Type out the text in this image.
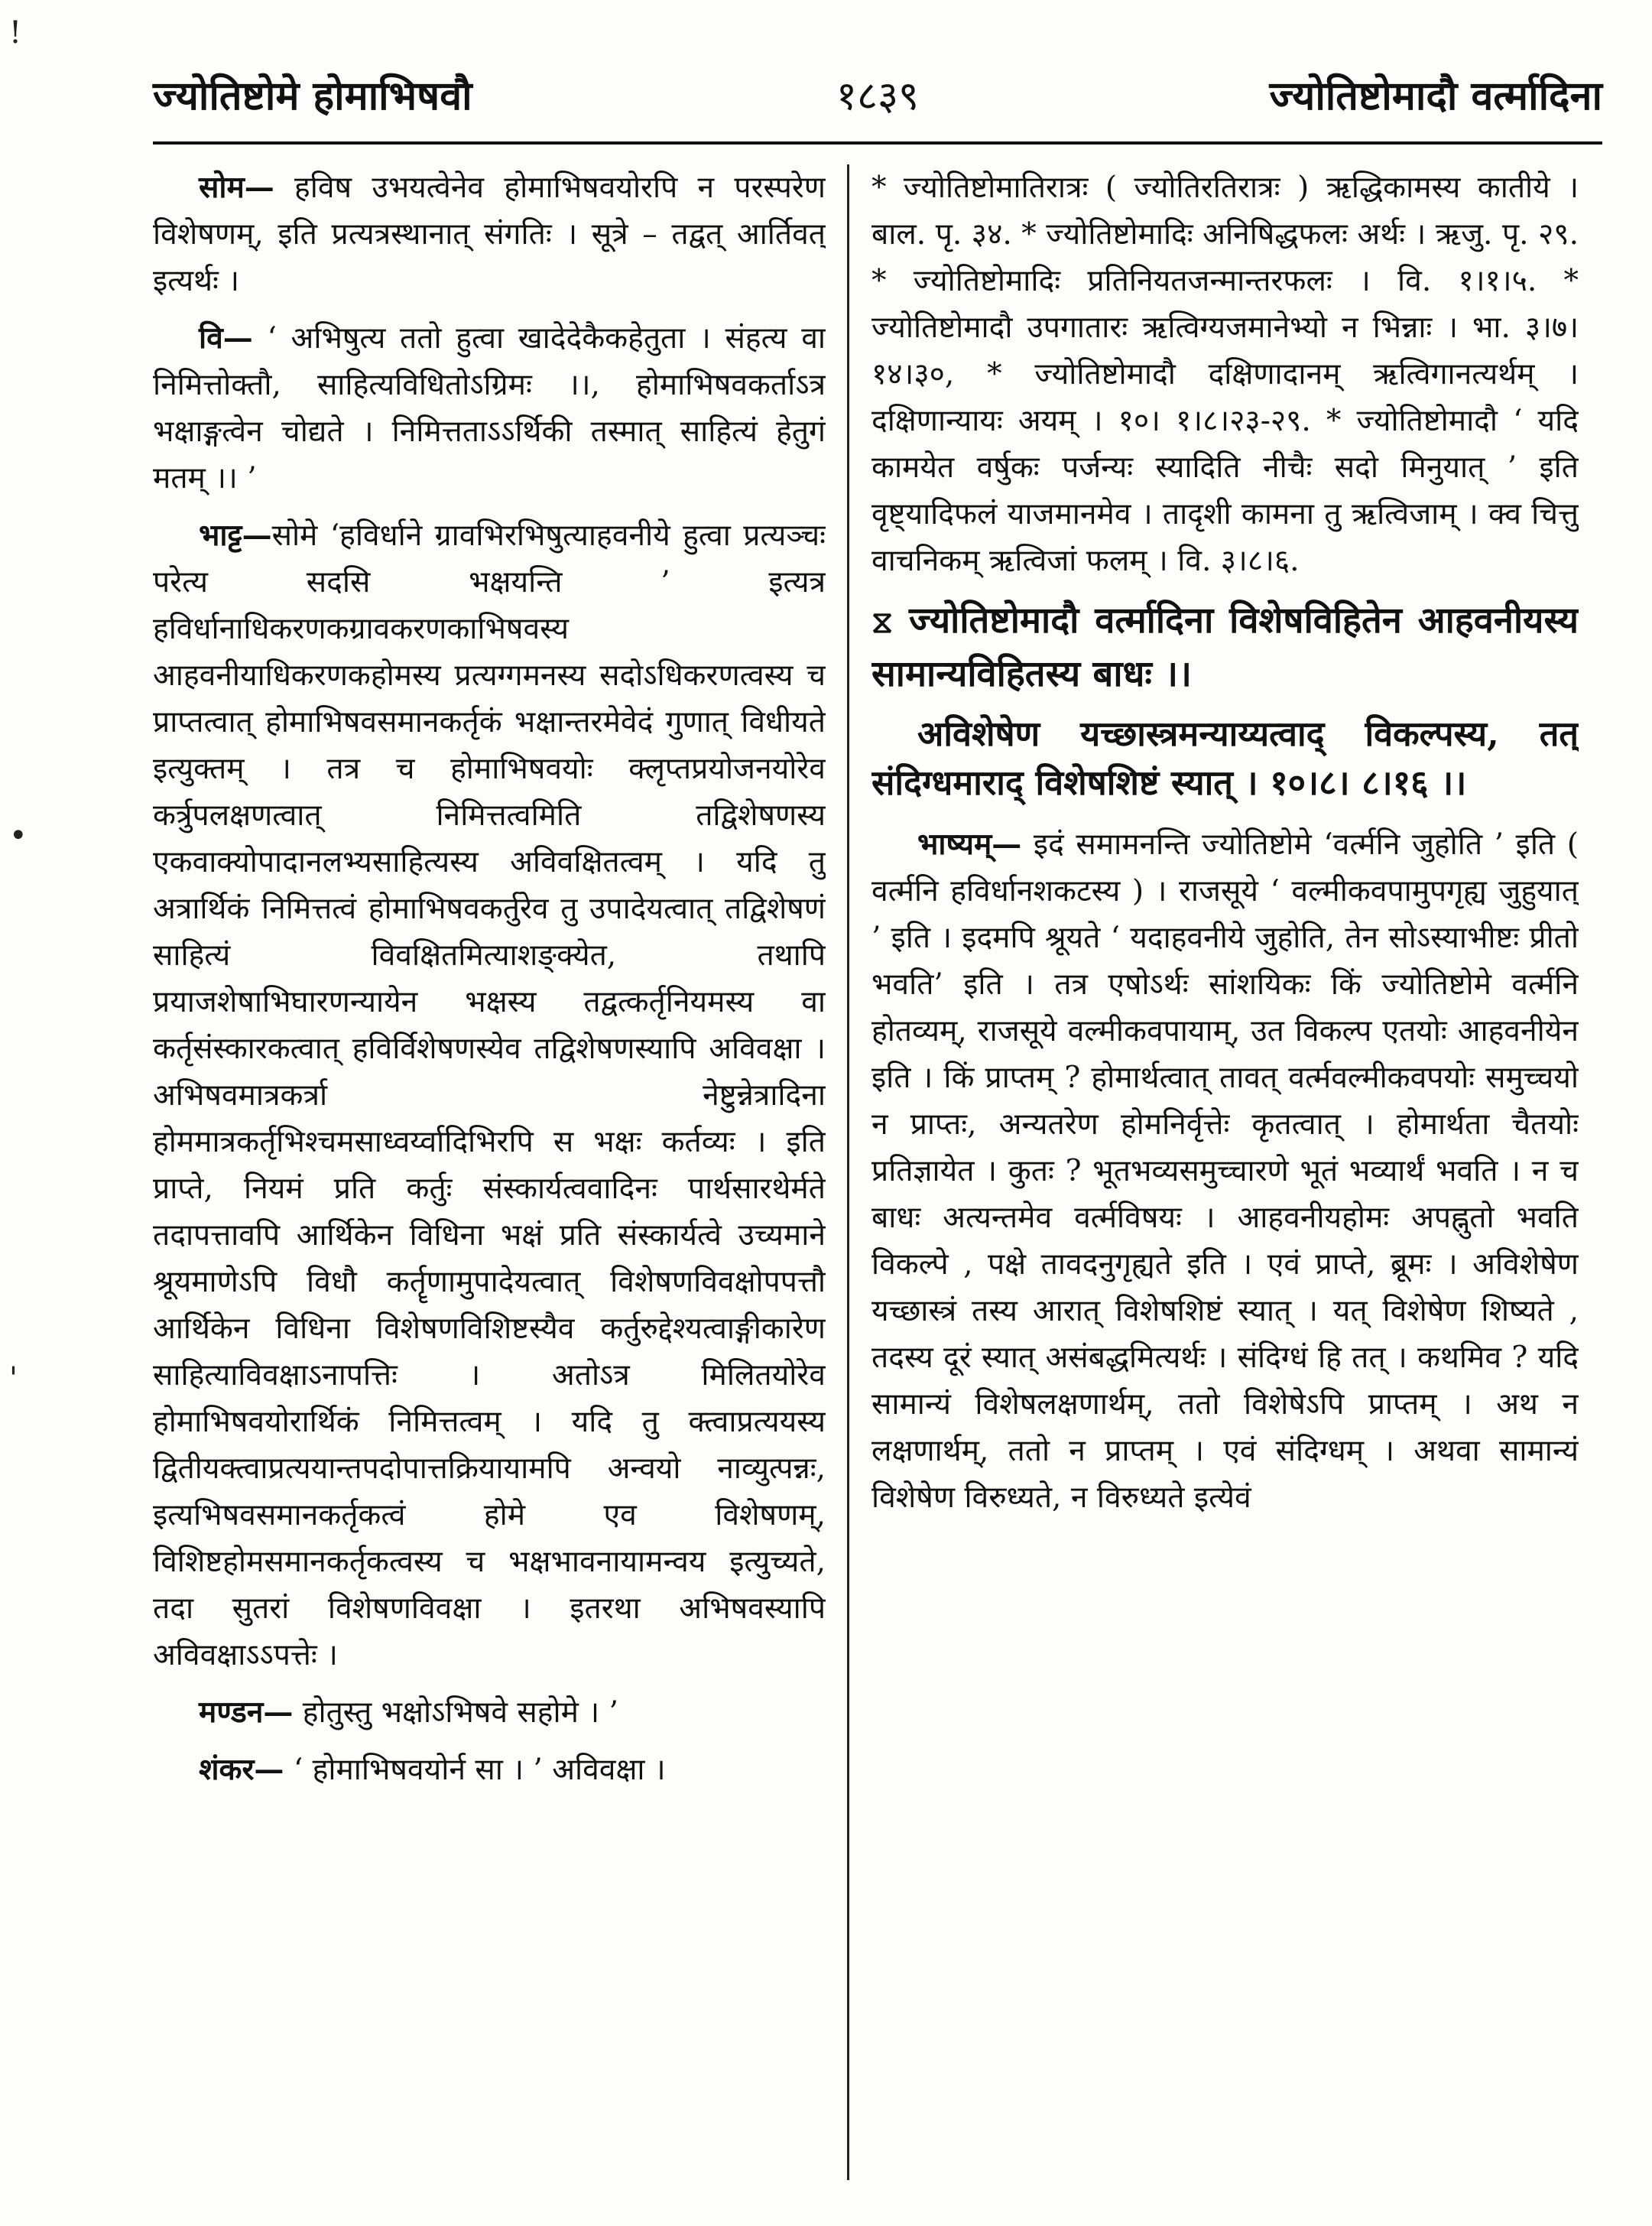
!
•
'
ज्योतिष्टोमे होमाभिषवौ	१८३९	ज्योतिष्टोमादौ वर्त्मादिना

सोम— हविष उभयत्वेनेव होमाभिषवयोरपि न परस्परेण विशेषणम्, इति प्रत्यत्रस्थानात् संगतिः । सूत्रे – तद्वत् आर्तिवत् इत्यर्थः ।

वि— ‘ अभिषुत्य ततो हुत्वा खादेदेकैकहेतुता । संहत्य वा निमित्तोक्तौ, साहित्यविधितोऽग्रिमः ।।, होमाभिषवकर्ताऽत्र भक्षाङ्गत्वेन चोद्यते । निमित्तताऽऽर्थिकी तस्मात् साहित्यं हेतुगं मतम् ।। ’

भाट्ट—सोमे ‘हविर्धाने ग्रावभिरभिषुत्याहवनीये हुत्वा प्रत्यञ्चः परेत्य सदसि भक्षयन्ति ’ इत्यत्र हविर्धानाधिकरणकग्रावकरणकाभिषवस्य आहवनीयाधिकरणकहोमस्य प्रत्यग्गमनस्य सदोऽधिकरणत्वस्य च प्राप्तत्वात् होमाभिषवसमानकर्तृकं भक्षान्तरमेवेदं गुणात् विधीयते इत्युक्तम् । तत्र च होमाभिषवयोः क्लृप्तप्रयोजनयोरेव कर्त्रुपलक्षणत्वात् निमित्तत्वमिति तद्विशेषणस्य एकवाक्योपादानलभ्यसाहित्यस्य अविवक्षितत्वम् । यदि तु अत्रार्थिकं निमित्तत्वं होमाभिषवकर्तुरेव तु उपादेयत्वात् तद्विशेषणं साहित्यं विवक्षितमित्याशङ्क्येत, तथापि प्रयाजशेषाभिघारणन्यायेन भक्षस्य तद्वत्कर्तृनियमस्य वा कर्तृसंस्कारकत्वात् हविर्विशेषणस्येव तद्विशेषणस्यापि अविवक्षा । अभिषवमात्रकर्त्रा नेष्टुन्नेत्रादिना होममात्रकर्तृभिश्चमसाध्वर्य्वादिभिरपि स भक्षः कर्तव्यः । इति प्राप्ते, नियमं प्रति कर्तुः संस्कार्यत्ववादिनः पार्थसारथेर्मते तदापत्तावपि आर्थिकेन विधिना भक्षं प्रति संस्कार्यत्वे उच्यमाने श्रूयमाणेऽपि विधौ कर्तॄणामुपादेयत्वात् विशेषणविवक्षोपपत्तौ आर्थिकेन विधिना विशेषणविशिष्टस्यैव कर्तुरुद्देश्यत्वाङ्गीकारेण साहित्याविवक्षाऽनापत्तिः । अतोऽत्र मिलितयोरेव होमाभिषवयोरार्थिकं निमित्तत्वम् । यदि तु क्त्वाप्रत्ययस्य द्वितीयक्त्वाप्रत्ययान्तपदोपात्तक्रियायामपि अन्वयो नाव्युत्पन्नः, इत्यभिषवसमानकर्तृकत्वं होमे एव विशेषणम्, विशिष्टहोमसमानकर्तृकत्वस्य च भक्षभावनायामन्वय इत्युच्यते, तदा सुतरां विशेषणविवक्षा । इतरथा अभिषवस्यापि अविवक्षाऽऽपत्तेः ।

मण्डन— होतुस्तु भक्षोऽभिषवे सहोमे । ’

शंकर— ‘ होमाभिषवयोर्न सा । ’ अविवक्षा ।

* ज्योतिष्टोमातिरात्रः ( ज्योतिरतिरात्रः ) ऋद्धिकामस्य कातीये । बाल. पृ. ३४. * ज्योतिष्टोमादिः अनिषिद्धफलः अर्थः । ऋजु. पृ. २९. * ज्योतिष्टोमादिः प्रतिनियतजन्मान्तरफलः । वि. १।१।५. * ज्योतिष्टोमादौ उपगातारः ऋत्विग्यजमानेभ्यो न भिन्नाः । भा. ३।७।१४।३०, * ज्योतिष्टोमादौ दक्षिणादानम् ऋत्विगानत्यर्थम् । दक्षिणान्यायः अयम् । १०। १।८।२३-२९. * ज्योतिष्टोमादौ ‘ यदि कामयेत वर्षुकः पर्जन्यः स्यादिति नीचैः सदो मिनुयात् ’ इति वृष्ट्यादिफलं याजमानमेव । तादृशी कामना तु ऋत्विजाम् । क्व चित्तु वाचनिकम् ऋत्विजां फलम् । वि. ३।८।६.

⧖ ज्योतिष्टोमादौ वर्त्मादिना विशेषविहितेन आहवनीयस्य सामान्यविहितस्य बाधः ।।

अविशेषेण यच्छास्त्रमन्याय्यत्वाद् विकल्पस्य, तत् संदिग्धमाराद् विशेषशिष्टं स्यात् । १०।८। ८।१६ ।।

भाष्यम्— इदं समामनन्ति ज्योतिष्टोमे ‘वर्त्मनि जुहोति ’ इति ( वर्त्मनि हविर्धानशकटस्य ) । राजसूये ‘ वल्मीकवपामुपगृह्य जुहुयात् ’ इति । इदमपि श्रूयते ‘ यदाहवनीये जुहोति, तेन सोऽस्याभीष्टः प्रीतो भवति’ इति । तत्र एषोऽर्थः सांशयिकः किं ज्योतिष्टोमे वर्त्मनि होतव्यम्, राजसूये वल्मीकवपायाम्, उत विकल्प एतयोः आहवनीयेन इति । किं प्राप्तम् ? होमार्थत्वात् तावत् वर्त्मवल्मीकवपयोः समुच्चयो न प्राप्तः, अन्यतरेण होमनिर्वृत्तेः कृतत्वात् । होमार्थता चैतयोः प्रतिज्ञायेत । कुतः ? भूतभव्यसमुच्चारणे भूतं भव्यार्थं भवति । न च बाधः अत्यन्तमेव वर्त्मविषयः । आहवनीयहोमः अपह्नुतो भवति विकल्पे , पक्षे तावदनुगृह्यते इति । एवं प्राप्ते, ब्रूमः । अविशेषेण यच्छास्त्रं तस्य आरात् विशेषशिष्टं स्यात् । यत् विशेषेण शिष्यते , तदस्य दूरं स्यात् असंबद्धमित्यर्थः । संदिग्धं हि तत् । कथमिव ? यदि सामान्यं विशेषलक्षणार्थम्, ततो विशेषेऽपि प्राप्तम् । अथ न लक्षणार्थम्, ततो न प्राप्तम् । एवं संदिग्धम् । अथवा सामान्यं विशेषेण विरुध्यते, न विरुध्यते इत्येवं
